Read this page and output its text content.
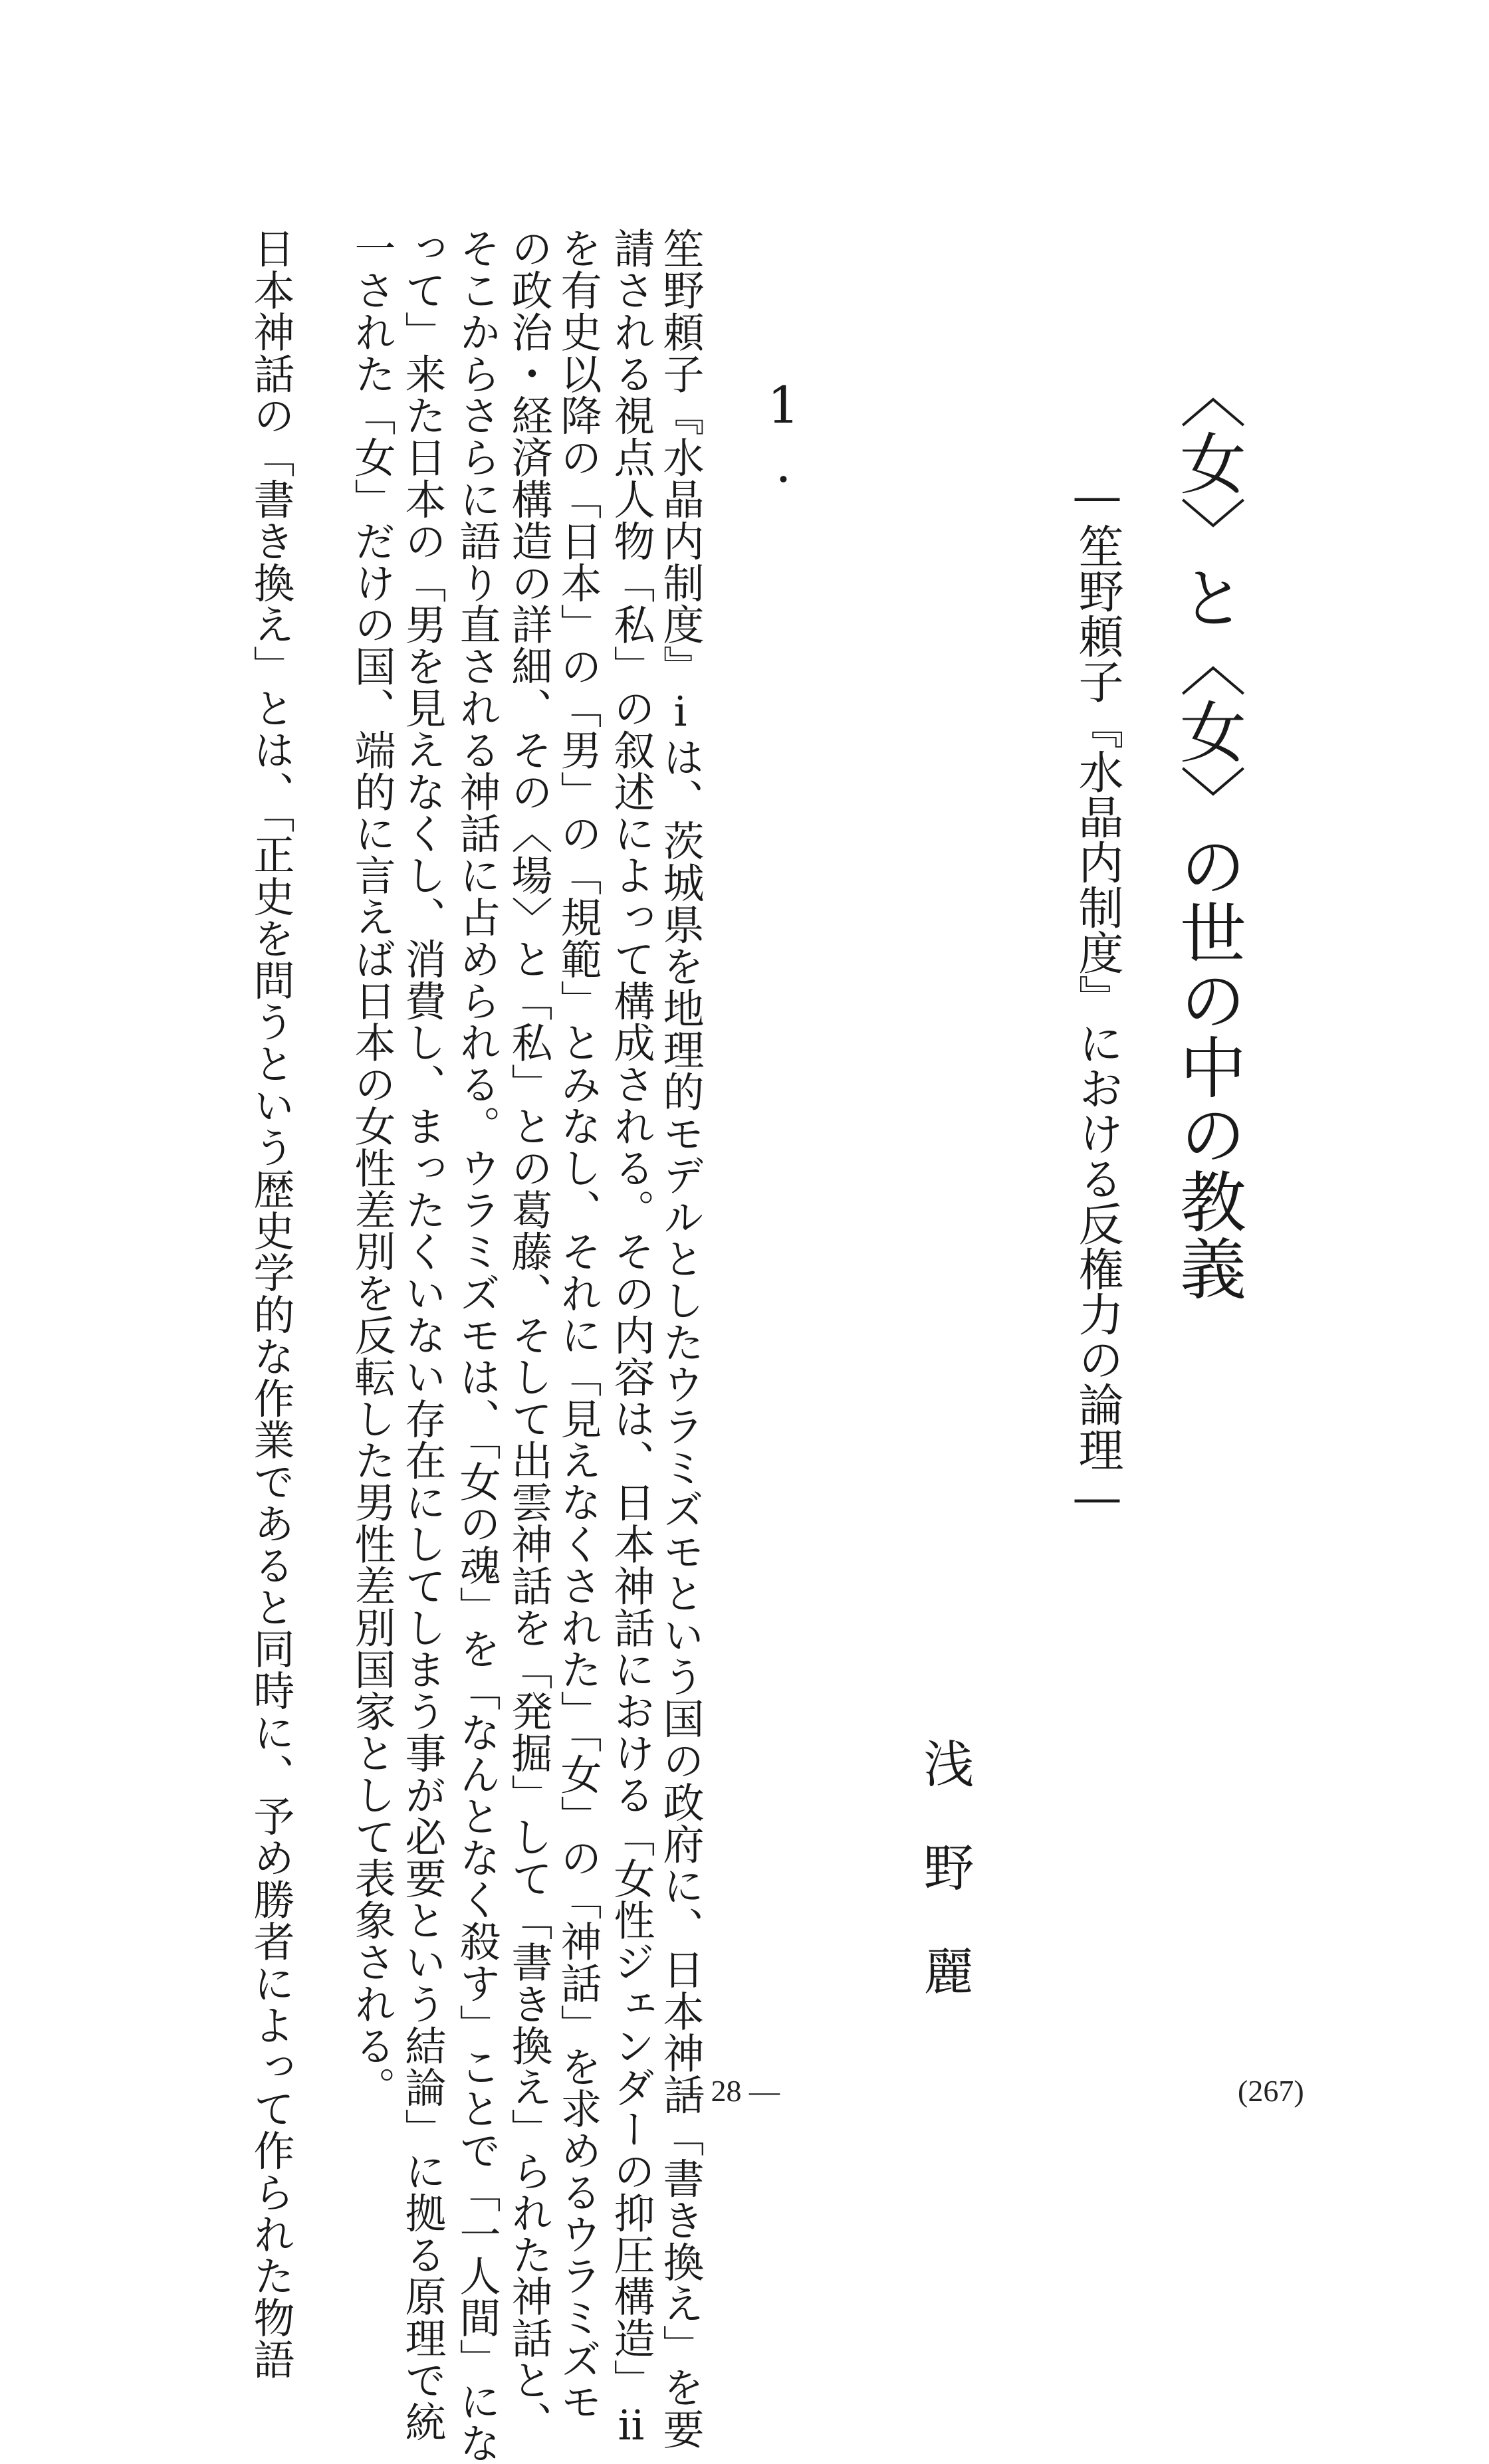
〈女〉と〈女〉の世の中の教義
―笙野頼子『水晶内制度』における反権力の論理―
浅野麗
1.
笙野頼子『水晶内制度』ⅰは、茨城県を地理的モデルとしたウラミズモという国の政府に、日本神話「書き換え」を要
請される視点人物「私」の叙述によって構成される。その内容は、日本神話における「女性ジェンダーの抑圧構造」ⅱ
を有史以降の「日本」の「男」の「規範」とみなし、それに「見えなくされた」「女」の「神話」を求めるウラミズモ
の政治・経済構造の詳細、その〈場〉と「私」との葛藤、そして出雲神話を「発掘」して「書き換え」られた神話と、
そこからさらに語り直される神話に占められる。ウラミズモは、「女の魂」を「なんとなく殺す」ことで「一人間」にな
って」来た日本の「男を見えなくし、消費し、まったくいない存在にしてしまう事が必要という結論」に拠る原理で統
一された「女」だけの国、端的に言えば日本の女性差別を反転した男性差別国家として表象される。
日本神話の「書き換え」とは、「正史を問うという歴史学的な作業であると同時に、予め勝者によって作られた物語	― 28 ―	(267)
